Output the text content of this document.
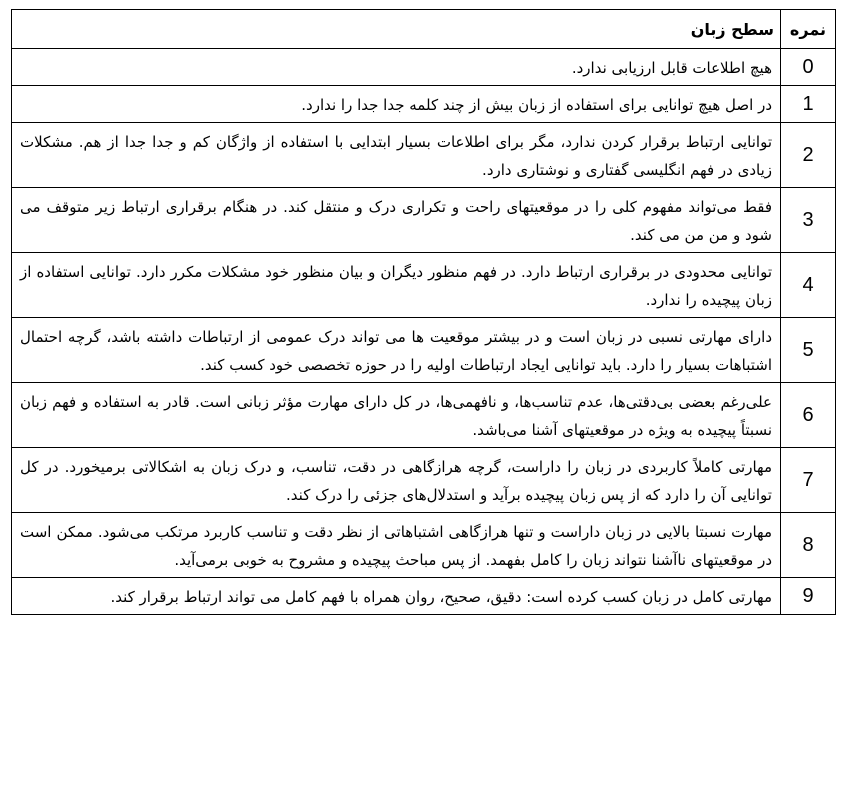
نمره	سطح زبان
0	هیچ اطلاعات قابل ارزیابی ندارد.
1	در اصل هیچ توانایی برای استفاده از زبان بیش از چند کلمه جدا جدا را ندارد.
2	توانایی ارتباط برقرار کردن ندارد، مگر برای اطلاعات بسیار ابتدایی با استفاده از واژگان کم و جدا جدا از هم. مشکلات زیادی در فهم انگلیسی گفتاری و نوشتاری دارد.
3	فقط می‌تواند مفهوم کلی را در موقعیتهای راحت و تکراری درک و منتقل کند. در هنگام برقراری ارتباط زیر متوقف می شود و من من می کند.
4	توانایی محدودی در برقراری ارتباط دارد. در فهم منظور دیگران و بیان منظور خود مشکلات مکرر دارد. توانایی استفاده از زبان پیچیده را ندارد.
5	دارای مهارتی نسبی در زبان است و در بیشتر موقعیت ها می تواند درک عمومی از ارتباطات داشته باشد، گرچه احتمال اشتباهات بسیار را دارد. باید توانایی ایجاد ارتباطات اولیه را در حوزه تخصصی خود کسب کند.
6	علی‌رغم بعضی بی‌دقتی‌ها، عدم تناسب‌ها، و نافهمی‌ها، در کل دارای مهارت مؤثر زبانی است. قادر به استفاده و فهم زبان نسبتاً پیچیده به ویژه در موقعیتهای آشنا می‌باشد.
7	مهارتی کاملاً کاربردی در زبان را داراست، گرچه هرازگاهی در دقت، تناسب، و درک زبان به اشکالاتی برمیخورد. در کل توانایی آن را دارد که از پس زبان پیچیده برآید و استدلال‌های جزئی را درک کند.
8	مهارت نسبتا بالایی در زبان داراست و تنها هرازگاهی اشتباهاتی از نظر دقت و تناسب کاربرد مرتکب می‌شود. ممکن است در موقعیتهای ناآشنا نتواند زبان را کامل بفهمد. از پس مباحث پیچیده و مشروح به خوبی برمی‌آید.
9	مهارتی کامل در زبان کسب کرده است: دقیق، صحیح، روان همراه با فهم کامل می تواند ارتباط برقرار کند.
